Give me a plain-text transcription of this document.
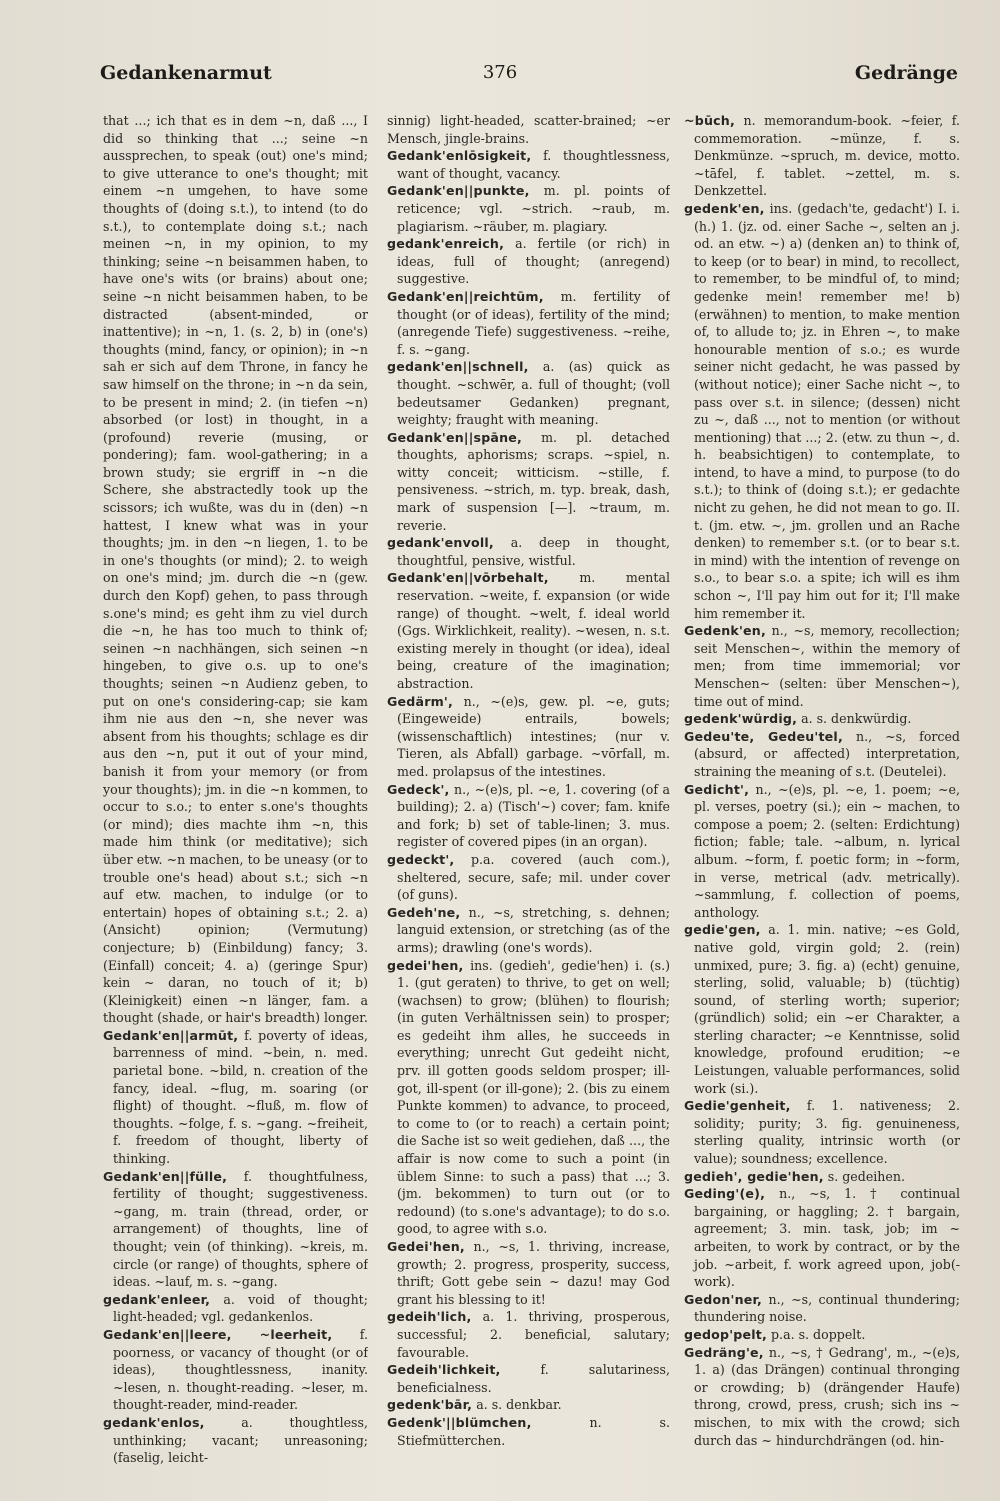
Gedankenarmut	376	Gedränge

that ...; ich that es in dem ~n, daß ..., I did so thinking that ...; seine ~n aussprechen, to speak (out) one's mind; to give utterance to one's thought; mit einem ~n umgehen, to have some thoughts of (doing s.t.), to intend (to do s.t.), to contemplate doing s.t.; nach meinen ~n, in my opinion, to my thinking; seine ~n beisammen haben, to have one's wits (or brains) about one; seine ~n nicht beisammen haben, to be distracted (absent-minded, or inattentive); in ~n, 1. (s. 2, b) in (one's) thoughts (mind, fancy, or opinion); in ~n sah er sich auf dem Throne, in fancy he saw himself on the throne; in ~n da sein, to be present in mind; 2. (in tiefen ~n) absorbed (or lost) in thought, in a (profound) reverie (musing, or pondering); fam. wool-gathering; in a brown study; sie ergriff in ~n die Schere, she abstractedly took up the scissors; ich wußte, was du in (den) ~n hattest, I knew what was in your thoughts; jm. in den ~n liegen, 1. to be in one's thoughts (or mind); 2. to weigh on one's mind; jm. durch die ~n (gew. durch den Kopf) gehen, to pass through s.one's mind; es geht ihm zu viel durch die ~n, he has too much to think of; seinen ~n nachhängen, sich seinen ~n hingeben, to give o.s. up to one's thoughts; seinen ~n Audienz geben, to put on one's considering-cap; sie kam ihm nie aus den ~n, she never was absent from his thoughts; schlage es dir aus den ~n, put it out of your mind, banish it from your memory (or from your thoughts); jm. in die ~n kommen, to occur to s.o.; to enter s.one's thoughts (or mind); dies machte ihm ~n, this made him think (or meditative); sich über etw. ~n machen, to be uneasy (or to trouble one's head) about s.t.; sich ~n auf etw. machen, to indulge (or to entertain) hopes of obtaining s.t.; 2. a) (Ansicht) opinion; (Vermutung) conjecture; b) (Einbildung) fancy; 3. (Einfall) conceit; 4. a) (geringe Spur) kein ~ daran, no touch of it; b) (Kleinigkeit) einen ~n länger, fam. a thought (shade, or hair's breadth) longer.

Gedank'en||armūt, f. poverty of ideas, barrenness of mind. ~bein, n. med. parietal bone. ~bild, n. creation of the fancy, ideal. ~flug, m. soaring (or flight) of thought. ~fluß, m. flow of thoughts. ~folge, f. s. ~gang. ~freiheit, f. freedom of thought, liberty of thinking.

Gedank'en||fülle, f. thoughtfulness, fertility of thought; suggestiveness. ~gang, m. train (thread, order, or arrangement) of thoughts, line of thought; vein (of thinking). ~kreis, m. circle (or range) of thoughts, sphere of ideas. ~lauf, m. s. ~gang.

gedank'enleer, a. void of thought; light-headed; vgl. gedankenlos.

Gedank'en||leere, ~leerheit, f. poorness, or vacancy of thought (or of ideas), thoughtlessness, inanity. ~lesen, n. thought-reading. ~leser, m. thought-reader, mind-reader.

gedank'enlos,	a. thoughtless, unthinking; vacant; unreasoning; (faselig, leicht-

sinnig) light-headed, scatter-brained; ~er Mensch, jingle-brains.

Gedank'enlōsigkeit, f. thoughtlessness, want of thought, vacancy.

Gedank'en||punkte, m. pl. points of reticence; vgl. ~strich. ~raub, m. plagiarism. ~räuber, m. plagiary.

gedank'enreich, a. fertile (or rich) in ideas, full of thought; (anregend) suggestive.

Gedank'en||reichtūm, m. fertility of thought (or of ideas), fertility of the mind; (anregende Tiefe) suggestiveness. ~reihe, f. s. ~gang.

gedank'en||schnell, a. (as) quick as thought. ~schwēr, a. full of thought; (voll bedeutsamer Gedanken) pregnant, weighty; fraught with meaning.

Gedank'en||spāne, m. pl. detached thoughts, aphorisms; scraps. ~spiel, n. witty conceit; witticism. ~stille, f. pensiveness. ~strich, m. typ. break, dash, mark of suspension [—]. ~traum, m. reverie.

gedank'envoll, a. deep in thought, thoughtful, pensive, wistful.

Gedank'en||vōrbehalt, m. mental reservation. ~weite, f. expansion (or wide range) of thought. ~welt, f. ideal world (Ggs. Wirklichkeit, reality). ~wesen, n. s.t. existing merely in thought (or idea), ideal being, creature of the imagination; abstraction.

Gedärm', n., ~(e)s, gew. pl. ~e, guts; (Eingeweide) entrails, bowels; (wissenschaftlich) intestines; (nur v. Tieren, als Abfall) garbage. ~vōrfall, m. med. prolapsus of the intestines.

Gedeck', n., ~(e)s, pl. ~e, 1. covering (of a building); 2. a) (Tisch'~) cover; fam. knife and fork; b) set of table-linen; 3. mus. register of covered pipes (in an organ).

gedeckt', p.a. covered (auch com.), sheltered, secure, safe; mil. under cover (of guns).

Gedeh'ne, n., ~s, stretching, s. dehnen; languid extension, or stretching (as of the arms); drawling (one's words).

gedei'hen, ins. (gedieh', gedie'hen) i. (s.) 1. (gut geraten) to thrive, to get on well; (wachsen) to grow; (blühen) to flourish; (in guten Verhältnissen sein) to prosper; es gedeiht ihm alles, he succeeds in everything; unrecht Gut gedeiht nicht, prv. ill gotten goods seldom prosper; ill-got, ill-spent (or ill-gone); 2. (bis zu einem Punkte kommen) to advance, to proceed, to come to (or to reach) a certain point; die Sache ist so weit gediehen, daß ..., the affair is now come to such a point (in üblem Sinne: to such a pass) that ...; 3. (jm. bekommen) to turn out (or to redound) (to s.one's advantage); to do s.o. good, to agree with s.o.

Gedei'hen, n., ~s, 1. thriving, increase, growth; 2. progress, prosperity, success, thrift; Gott gebe sein ~ dazu! may God grant his blessing to it!

gedeih'lich, a. 1. thriving, prosperous, successful; 2. beneficial, salutary; favourable.

Gedeih'lichkeit,	f. salutariness, beneficialness.

gedenk'bār, a. s. denkbar.

Gedenk'||blümchen,	n. s. Stiefmütterchen.

~būch, n. memorandum-book. ~feier, f. commemoration. ~münze, f. s. Denkmünze. ~spruch, m. device, motto. ~tāfel, f. tablet. ~zettel, m. s. Denkzettel.

gedenk'en, ins. (gedach'te, gedacht') I. i. (h.) 1. (jz. od. einer Sache ~, selten an j. od. an etw. ~) a) (denken an) to think of, to keep (or to bear) in mind, to recollect, to remember, to be mindful of, to mind; gedenke mein! remember me! b) (erwähnen) to mention, to make mention of, to allude to; jz. in Ehren ~, to make honourable mention of s.o.; es wurde seiner nicht gedacht, he was passed by (without notice); einer Sache nicht ~, to pass over s.t. in silence; (dessen) nicht zu ~, daß ..., not to mention (or without mentioning) that ...; 2. (etw. zu thun ~, d. h. beabsichtigen) to contemplate, to intend, to have a mind, to purpose (to do s.t.); to think of (doing s.t.); er gedachte nicht zu gehen, he did not mean to go. II. t. (jm. etw. ~, jm. grollen und an Rache denken) to remember s.t. (or to bear s.t. in mind) with the intention of revenge on s.o., to bear s.o. a spite; ich will es ihm schon ~, I'll pay him out for it; I'll make him remember it.

Gedenk'en, n., ~s, memory, recollection; seit Menschen~, within the memory of men; from time immemorial; vor Menschen~ (selten: über Menschen~), time out of mind.

gedenk'würdig, a. s. denkwürdig.

Gedeu'te, Gedeu'tel, n., ~s, forced (absurd, or affected) interpretation, straining the meaning of s.t. (Deutelei).

Gedicht', n., ~(e)s, pl. ~e, 1. poem; ~e, pl. verses, poetry (si.); ein ~ machen, to compose a poem; 2. (selten: Erdichtung) fiction; fable; tale. ~album, n. lyrical album. ~form, f. poetic form; in ~form, in verse, metrical (adv. metrically). ~sammlung, f. collection of poems, anthology.

gedie'gen, a. 1. min. native; ~es Gold, native gold, virgin gold; 2. (rein) unmixed, pure; 3. fig. a) (echt) genuine, sterling, solid, valuable; b) (tüchtig) sound, of sterling worth; superior; (gründlich) solid; ein ~er Charakter, a sterling character; ~e Kenntnisse, solid knowledge, profound erudition; ~e Leistungen, valuable performances, solid work (si.).

Gedie'genheit, f. 1. nativeness; 2. solidity; purity; 3. fig. genuineness, sterling quality, intrinsic worth (or value); soundness; excellence.

gedieh', gedie'hen, s. gedeihen.

Geding'(e), n., ~s, 1. † continual bargaining, or haggling; 2. † bargain, agreement; 3. min. task, job; im ~ arbeiten, to work by contract, or by the job. ~arbeit, f. work agreed upon, job(-work).

Gedon'ner, n., ~s, continual thundering; thundering noise.

gedop'pelt, p.a. s. doppelt.

Gedräng'e, n., ~s, † Gedrang', m., ~(e)s, 1. a) (das Drängen) continual thronging or crowding; b) (drängender Haufe) throng, crowd, press, crush; sich ins ~ mischen, to mix with the crowd; sich durch das ~ hindurchdrängen (od. hin-
